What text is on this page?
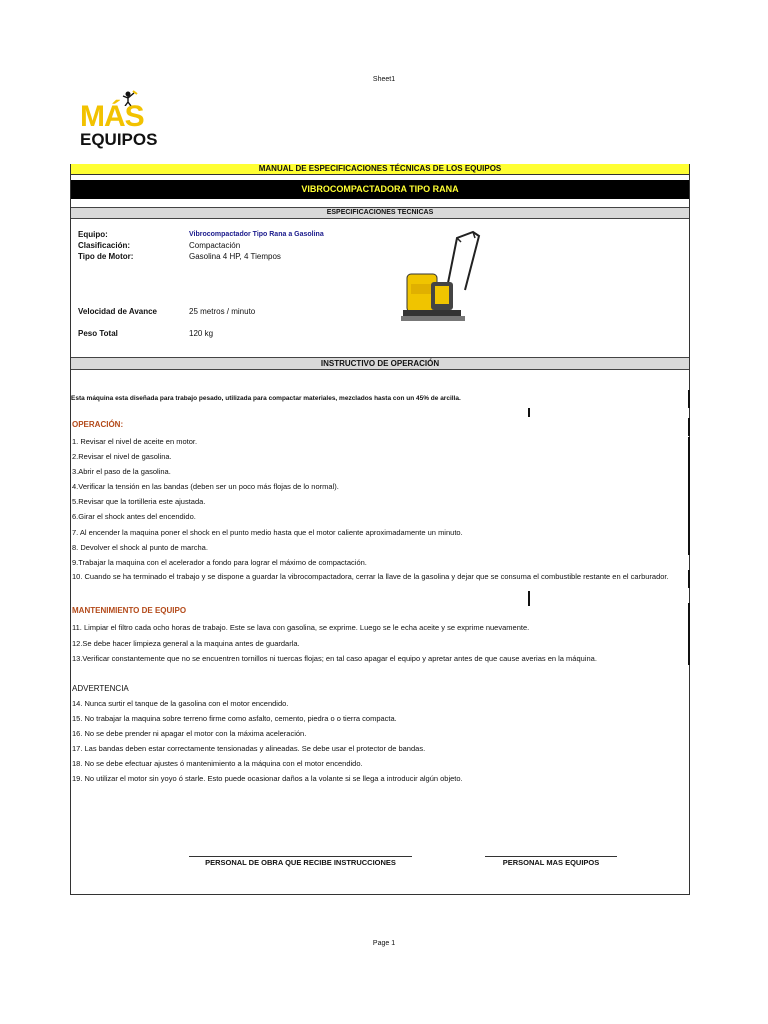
Sheet1
MÁS
EQUIPOS
MANUAL DE ESPECIFICACIONES TÉCNICAS DE LOS EQUIPOS
VIBROCOMPACTADORA TIPO RANA
ESPECIFICACIONES TECNICAS
Equipo:	Vibrocompactador Tipo Rana a Gasolina
Clasificación:	Compactación
Tipo de Motor:	Gasolina 4 HP, 4 Tiempos
Velocidad de Avance	25 metros / minuto
Peso Total	120 kg
INSTRUCTIVO DE OPERACIÓN
Esta máquina esta diseñada para trabajo pesado, utilizada para compactar materiales, mezclados hasta con un 45% de arcilla.
OPERACIÓN:
1. Revisar el nivel de aceite en motor.
2.Revisar el nivel de gasolina.
3.Abrir el paso de la gasolina.
4.Verificar la tensión en las bandas (deben ser un poco más flojas de lo normal).
5.Revisar que la tortilleria este ajustada.
6.Girar el shock antes del encendido.
7. Al encender la maquina poner el shock en el punto medio hasta que el motor caliente aproximadamente un minuto.
8. Devolver el shock al punto de marcha.
9.Trabajar la maquina con el acelerador a fondo para lograr el máximo de compactación.
10. Cuando se ha terminado el trabajo y se dispone a guardar la vibrocompactadora, cerrar la llave de la gasolina y dejar que se consuma el combustible restante en el carburador.
MANTENIMIENTO DE EQUIPO
11. Limpiar el filtro cada ocho horas de trabajo. Este se lava con gasolina, se exprime. Luego se le echa aceite y se exprime nuevamente.
12.Se debe hacer limpieza general a la maquina antes de guardarla.
13.Verificar constantemente que no se encuentren tornillos ni tuercas flojas; en tal caso apagar el equipo y apretar antes de que cause averias en la máquina.
ADVERTENCIA
14. Nunca surtir el tanque de la gasolina con el motor encendido.
15. No trabajar la maquina sobre terreno firme como asfalto, cemento, piedra o o tierra compacta.
16. No se debe prender ni apagar el motor con la máxima aceleración.
17. Las bandas deben estar correctamente tensionadas y alineadas. Se debe usar el protector de bandas.
18. No se debe efectuar ajustes ó mantenimiento a la máquina con el motor encendido.
19. No utilizar el motor sin yoyo ó starle. Esto puede ocasionar daños a la volante si se llega a introducir algún objeto.
PERSONAL DE OBRA QUE RECIBE INSTRUCCIONES	PERSONAL MAS EQUIPOS
Page 1
